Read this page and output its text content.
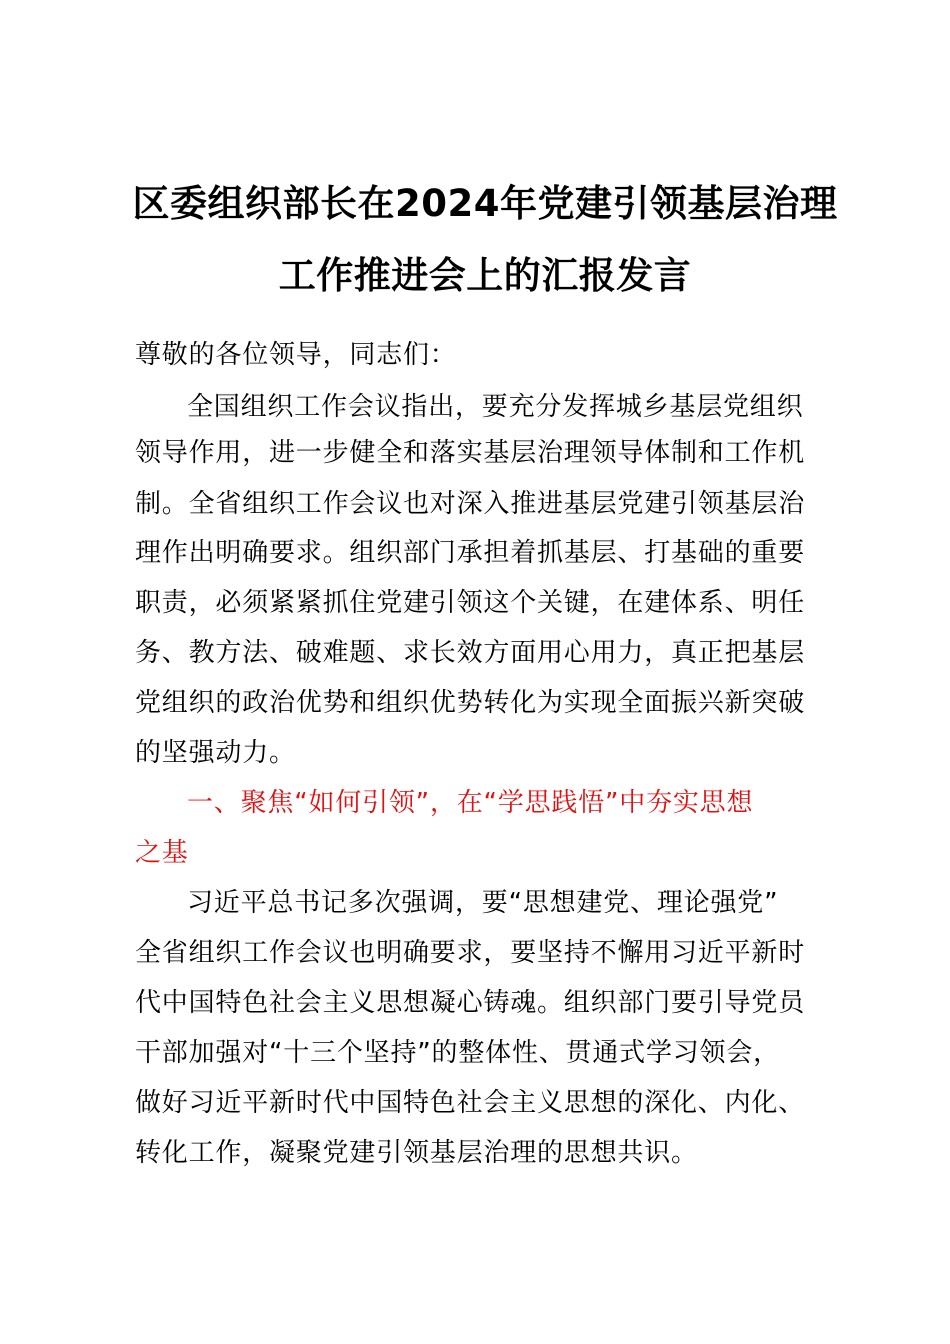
区委组织部长在2024年党建引领基层治理
工作推进会上的汇报发言
尊敬的各位领导，同志们：
全国组织工作会议指出，要充分发挥城乡基层党组织
领导作用，进一步健全和落实基层治理领导体制和工作机
制。全省组织工作会议也对深入推进基层党建引领基层治
理作出明确要求。组织部门承担着抓基层、打基础的重要
职责，必须紧紧抓住党建引领这个关键，在建体系、明任
务、教方法、破难题、求长效方面用心用力，真正把基层
党组织的政治优势和组织优势转化为实现全面振兴新突破
的坚强动力。
一、聚焦“如何引领”，在“学思践悟”中夯实思想
之基
习近平总书记多次强调，要“思想建党、理论强党”
全省组织工作会议也明确要求，要坚持不懈用习近平新时
代中国特色社会主义思想凝心铸魂。组织部门要引导党员
干部加强对“十三个坚持”的整体性、贯通式学习领会，
做好习近平新时代中国特色社会主义思想的深化、内化、
转化工作，凝聚党建引领基层治理的思想共识。
